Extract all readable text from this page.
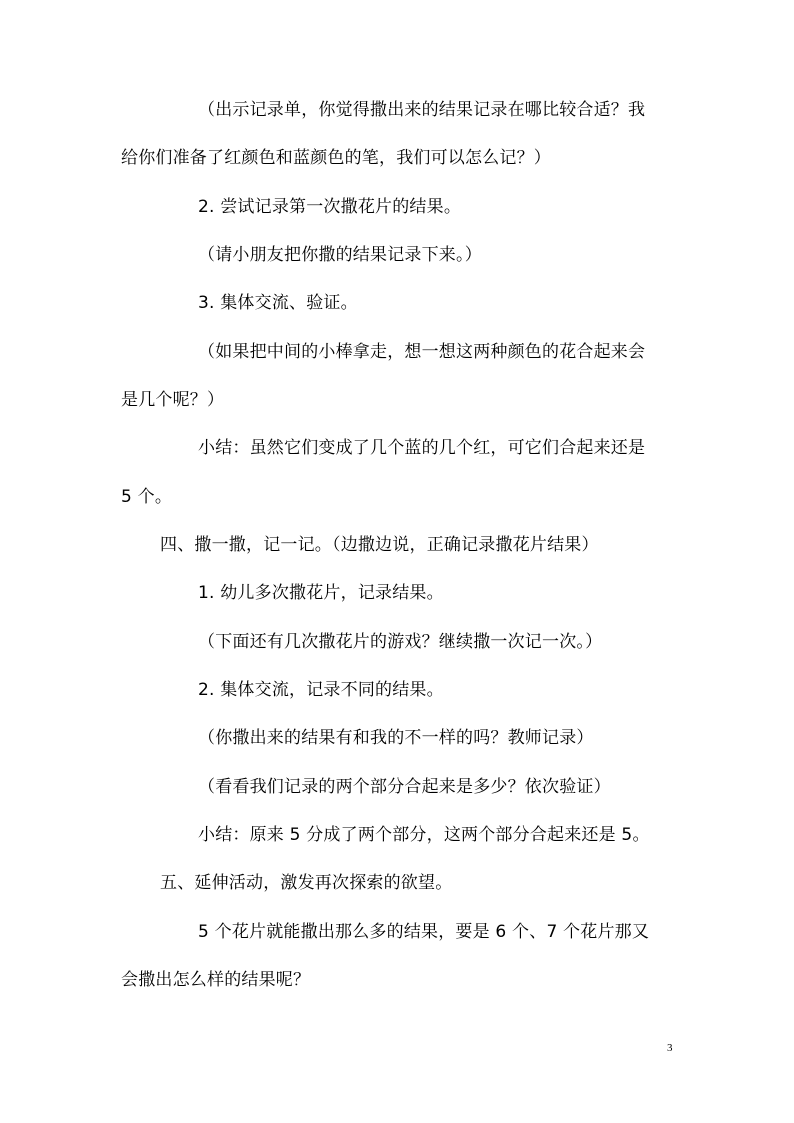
（出示记录单，你觉得撒出来的结果记录在哪比较合适？我
给你们准备了红颜色和蓝颜色的笔，我们可以怎么记？）
2. 尝试记录第一次撒花片的结果。
（请小朋友把你撒的结果记录下来。）
3. 集体交流、验证。
（如果把中间的小棒拿走，想一想这两种颜色的花合起来会
是几个呢？）
小结：虽然它们变成了几个蓝的几个红，可它们合起来还是
5 个。
四、撒一撒，记一记。（边撒边说，正确记录撒花片结果）
1. 幼儿多次撒花片，记录结果。
（下面还有几次撒花片的游戏？继续撒一次记一次。）
2. 集体交流，记录不同的结果。
（你撒出来的结果有和我的不一样的吗？教师记录）
（看看我们记录的两个部分合起来是多少？依次验证）
小结：原来 5 分成了两个部分，这两个部分合起来还是 5。
五、延伸活动，激发再次探索的欲望。
5 个花片就能撒出那么多的结果，要是 6 个、7 个花片那又
会撒出怎么样的结果呢？
3
